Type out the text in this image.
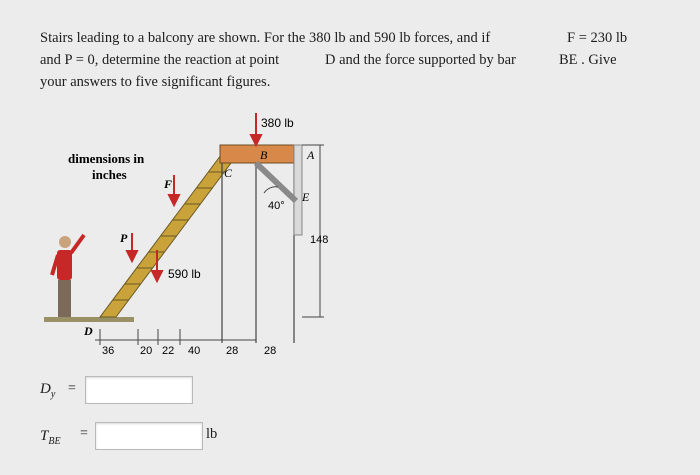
Stairs leading to a balcony are shown. For the 380 lb and 590 lb forces, and if	F = 230 lb
and P = 0, determine the reaction at point	D and the force supported by bar	BE . Give
your answers to five significant figures.
380 lb
590 lb
dimensions in
inches
A
B
C
D
E
F
P
40°
148
36 20 22 40 28 28
$D_y$ =
$T_{BE}$
=	lb
